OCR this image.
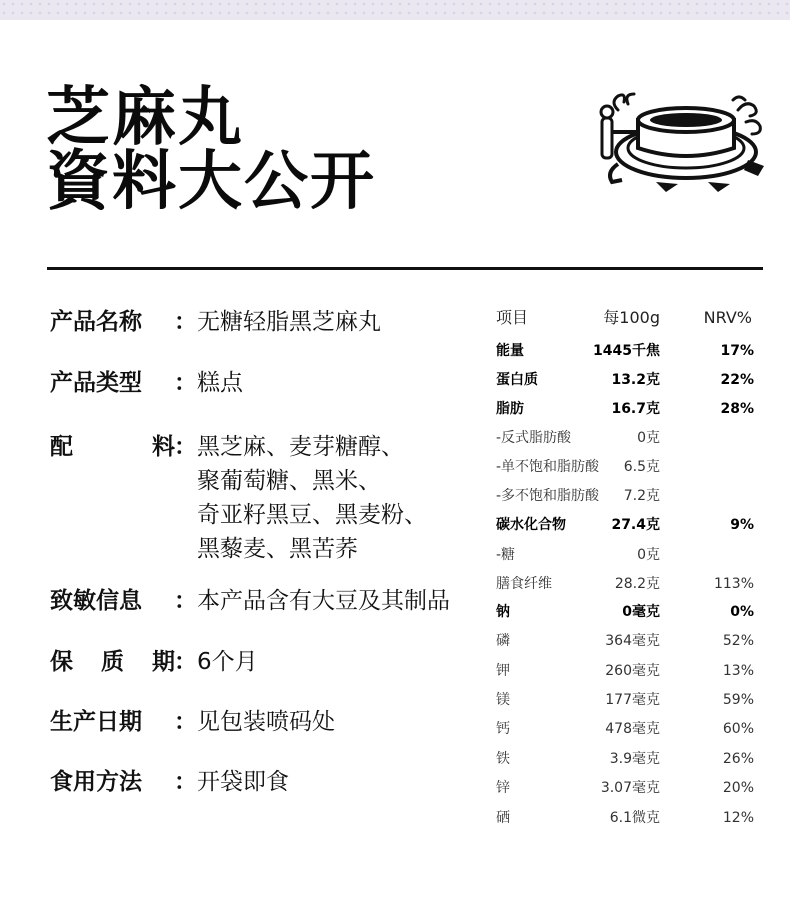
芝麻丸
資料大公开
产品名称 ：无糖轻脂黑芝麻丸
产品类型 ： 糕点
配	料 ： 黑芝麻、麦芽糖醇、
聚葡萄糖、黑米、
奇亚籽黑豆、黑麦粉、
黑藜麦、黑苦荞
致敏信息 ： 本产品含有大豆及其制品
保 质 期 ： 6个月
生产日期 ： 见包装喷码处
食用方法 ： 开袋即食
项目	每100g	NRV%
能量	1445千焦	17%
蛋白质	13.2克	22%
脂肪	16.7克	28%
-反式脂肪酸	0克
-单不饱和脂肪酸 6.5克
-多不饱和脂肪酸 7.2克
碳水化合物	27.4克	9%
-糖	0克
膳食纤维	28.2克	113%
钠	0毫克	0%
磷	364毫克	52%
钾	260毫克	13%
镁	177毫克	59%
钙	478毫克	60%
铁	3.9毫克	26%
锌	3.07毫克	20%
硒	6.1微克	12%
